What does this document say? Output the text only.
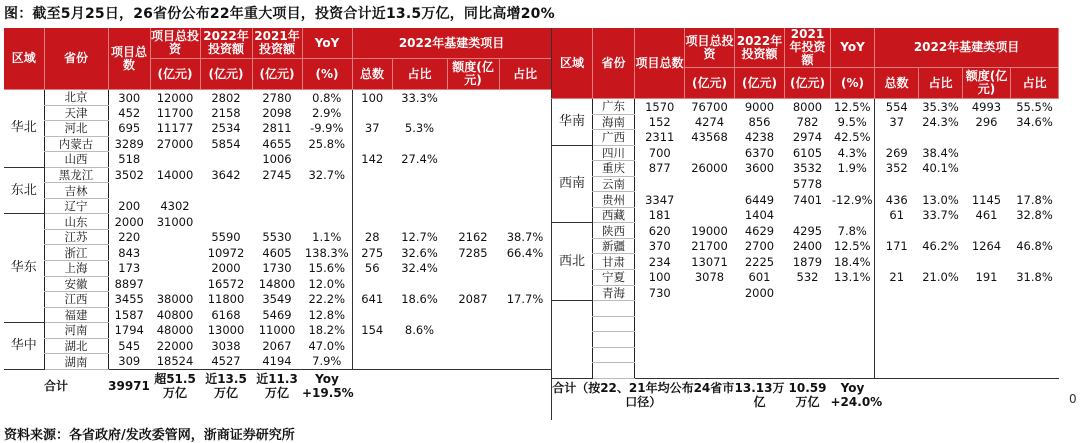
图：截至5月25日，26省份公布22年重大项目，投资合计近13.5万亿，同比高增20%
区域	省份	项目总数	项目总投资	2022年投资额	2021年投资额	YoY	2022年基建类项目			
			(亿元)	(亿元)	(亿元)	(%)	总数	占比	额度(亿元)	占比
华北	北京	300	12000	2802	2780	0.8%	100	33.3%		
	天津	452	11700	2158	2098	2.9%				
	河北	695	11177	2534	2811	-9.9%	37	5.3%		
	内蒙古	3289	27000	5854	4655	25.8%				
	山西	518			1006		142	27.4%		
东北	黑龙江	3502	14000	3642	2745	32.7%				
	吉林									
	辽宁	200	4302							
华东	山东	2000	31000							
	江苏	220		5590	5530	1.1%	28	12.7%	2162	38.7%
	浙江	843		10972	4605	138.3%	275	32.6%	7285	66.4%
	上海	173		2000	1730	15.6%	56	32.4%		
	安徽	8897		16572	14800	12.0%				
	江西	3455	38000	11800	3549	22.2%	641	18.6%	2087	17.7%
	福建	1587	40800	6168	5469	12.8%				
华中	河南	1794	48000	13000	11000	18.2%	154	8.6%		
	湖北	545	22000	3038	2067	47.0%				
	湖南	309	18524	4527	4194	7.9%				
合计		39971	超51.5万亿	近13.5万亿	近11.3万亿	Yoy +19.5%				
区域	省份	项目总数	项目总投资	2022年投资额	2021年投资额	YoY	2022年基建类项目			
			(亿元)	(亿元)	(亿元)	(%)	总数	占比	额度(亿元)	占比
华南	广东	1570	76700	9000	8000	12.5%	554	35.3%	4993	55.5%
	海南	152	4274	856	782	9.5%	37	24.3%	296	34.6%
	广西	2311	43568	4238	2974	42.5%				
西南	四川	700		6370	6105	4.3%	269	38.4%		
	重庆	877	26000	3600	3532	1.9%	352	40.1%		
	云南				5778					
	贵州	3347		6449	7401	-12.9%	436	13.0%	1145	17.8%
	西藏	181		1404			61	33.7%	461	32.8%
西北	陕西	620	19000	4629	4295	7.8%				
	新疆	370	21700	2700	2400	12.5%	171	46.2%	1264	46.8%
	甘肃	234	13071	2225	1879	18.4%				
	宁夏	100	3078	601	532	13.1%	21	21.0%	191	31.8%
	青海	730		2000						

合计（按22、21年均公布24省市口径）				13.13万亿	10.59万亿	Yoy +24.0%					0
资料来源：各省政府/发改委管网，浙商证券研究所
